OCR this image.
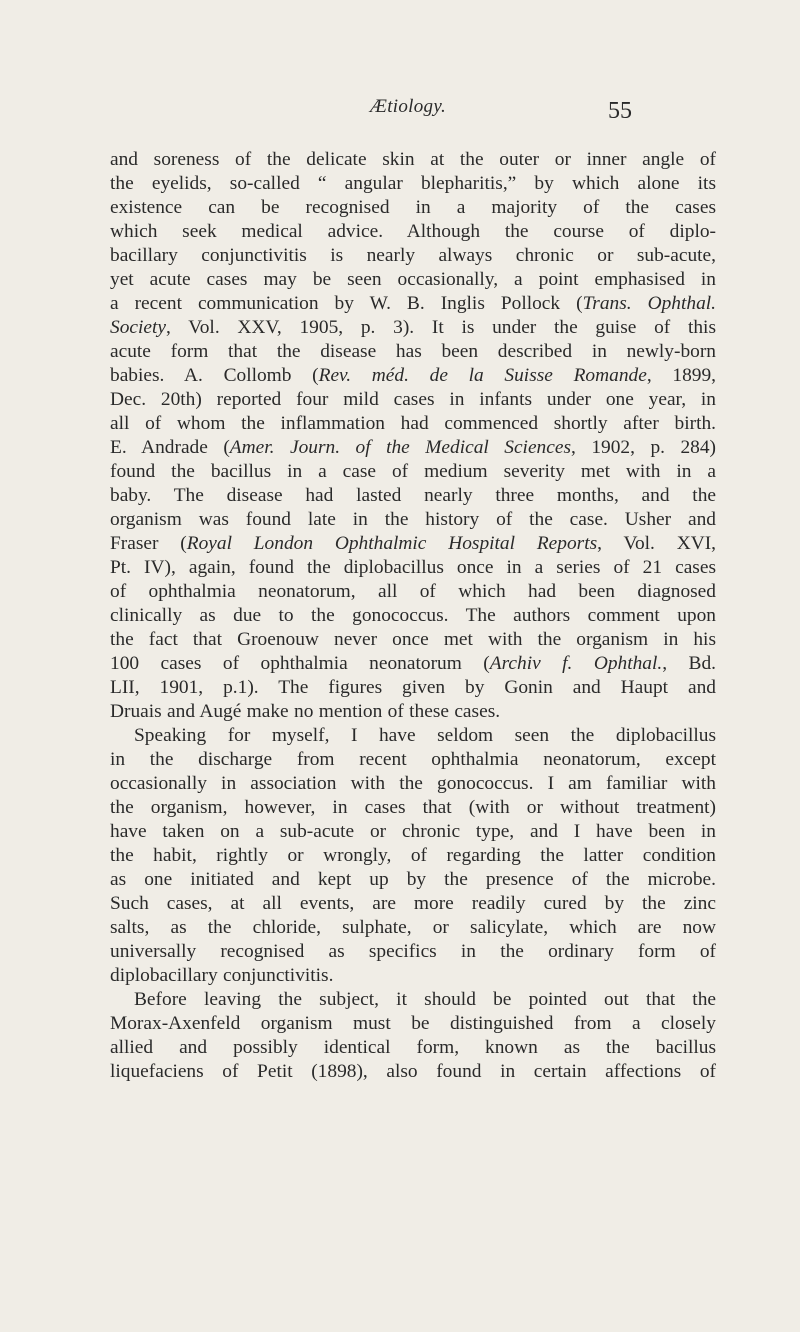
Ætiology.	55
and soreness of the delicate skin at the outer or inner angle of
the eyelids, so-called “ angular blepharitis,” by which alone its
existence can be recognised in a majority of the cases
which seek medical advice. Although the course of diplo-
bacillary conjunctivitis is nearly always chronic or sub-acute,
yet acute cases may be seen occasionally, a point emphasised in
a recent communication by W. B. Inglis Pollock (Trans. Ophthal.
Society, Vol. XXV, 1905, p. 3). It is under the guise of this
acute form that the disease has been described in newly-born
babies. A. Collomb (Rev. méd. de la Suisse Romande, 1899,
Dec. 20th) reported four mild cases in infants under one year, in
all of whom the inflammation had commenced shortly after birth.
E. Andrade (Amer. Journ. of the Medical Sciences, 1902, p. 284)
found the bacillus in a case of medium severity met with in a
baby. The disease had lasted nearly three months, and the
organism was found late in the history of the case. Usher and
Fraser (Royal London Ophthalmic Hospital Reports, Vol. XVI,
Pt. IV), again, found the diplobacillus once in a series of 21 cases
of ophthalmia neonatorum, all of which had been diagnosed
clinically as due to the gonococcus. The authors comment upon
the fact that Groenouw never once met with the organism in his
100 cases of ophthalmia neonatorum (Archiv f. Ophthal., Bd.
LII, 1901, p.1). The figures given by Gonin and Haupt and
Druais and Augé make no mention of these cases.
Speaking for myself, I have seldom seen the diplobacillus
in the discharge from recent ophthalmia neonatorum, except
occasionally in association with the gonococcus. I am familiar with
the organism, however, in cases that (with or without treatment)
have taken on a sub-acute or chronic type, and I have been in
the habit, rightly or wrongly, of regarding the latter condition
as one initiated and kept up by the presence of the microbe.
Such cases, at all events, are more readily cured by the zinc
salts, as the chloride, sulphate, or salicylate, which are now
universally recognised as specifics in the ordinary form of
diplobacillary conjunctivitis.
Before leaving the subject, it should be pointed out that the
Morax-Axenfeld organism must be distinguished from a closely
allied and possibly identical form, known as the bacillus
liquefaciens of Petit (1898), also found in certain affections of
